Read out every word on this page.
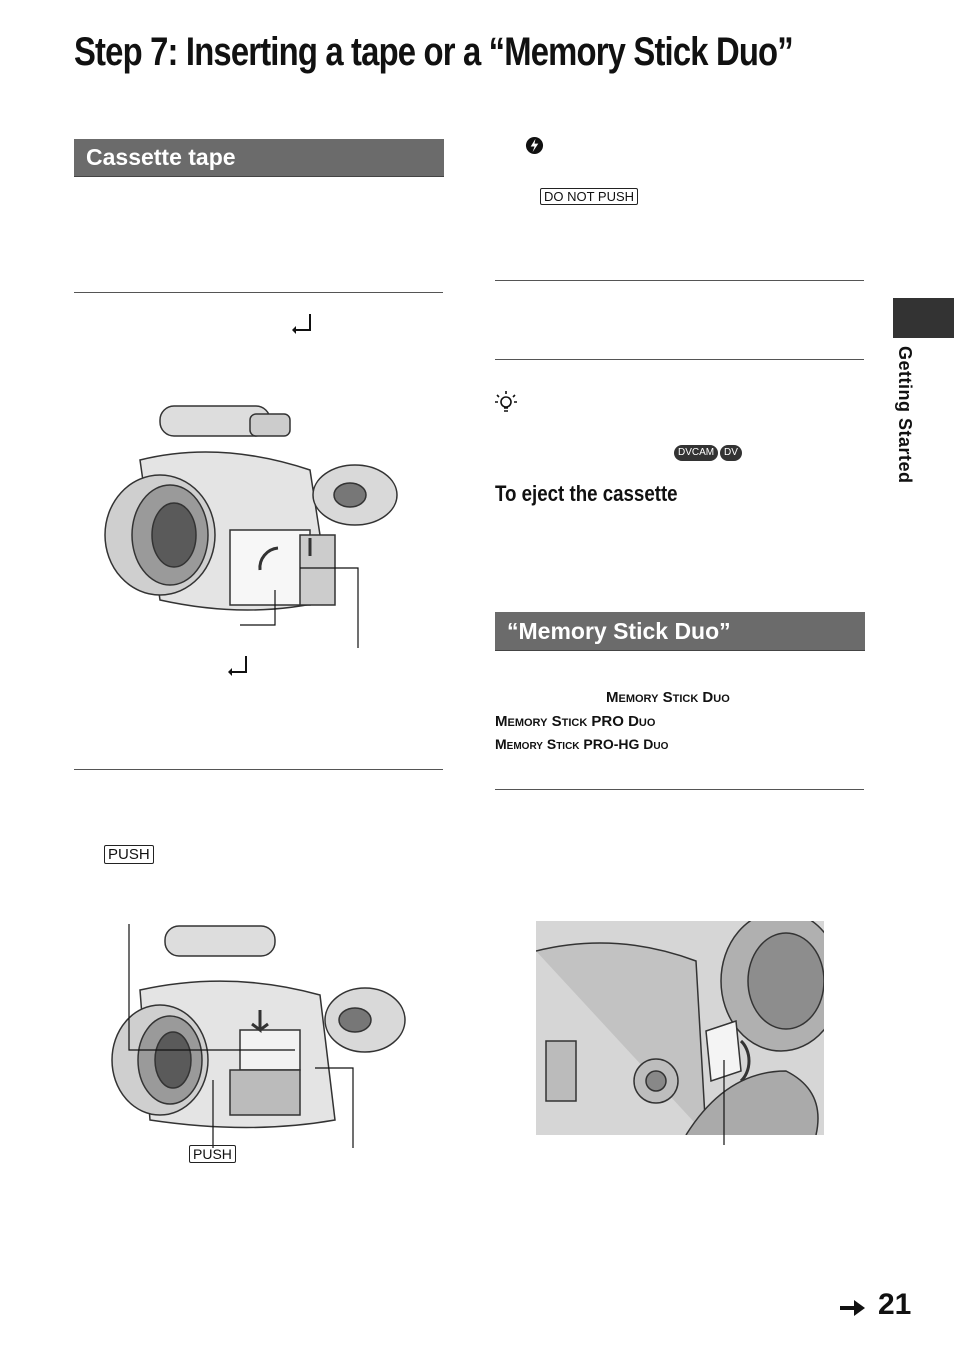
Step 7: Inserting a tape or a “Memory Stick Duo”
Getting Started
Cassette tape
PUSH
PUSH
DO NOT PUSH
DVCAM DV
To eject the cassette
“Memory Stick Duo”
Memory Stick Duo
Memory Stick PRO Duo
Memory Stick PRO-HG Duo
21
